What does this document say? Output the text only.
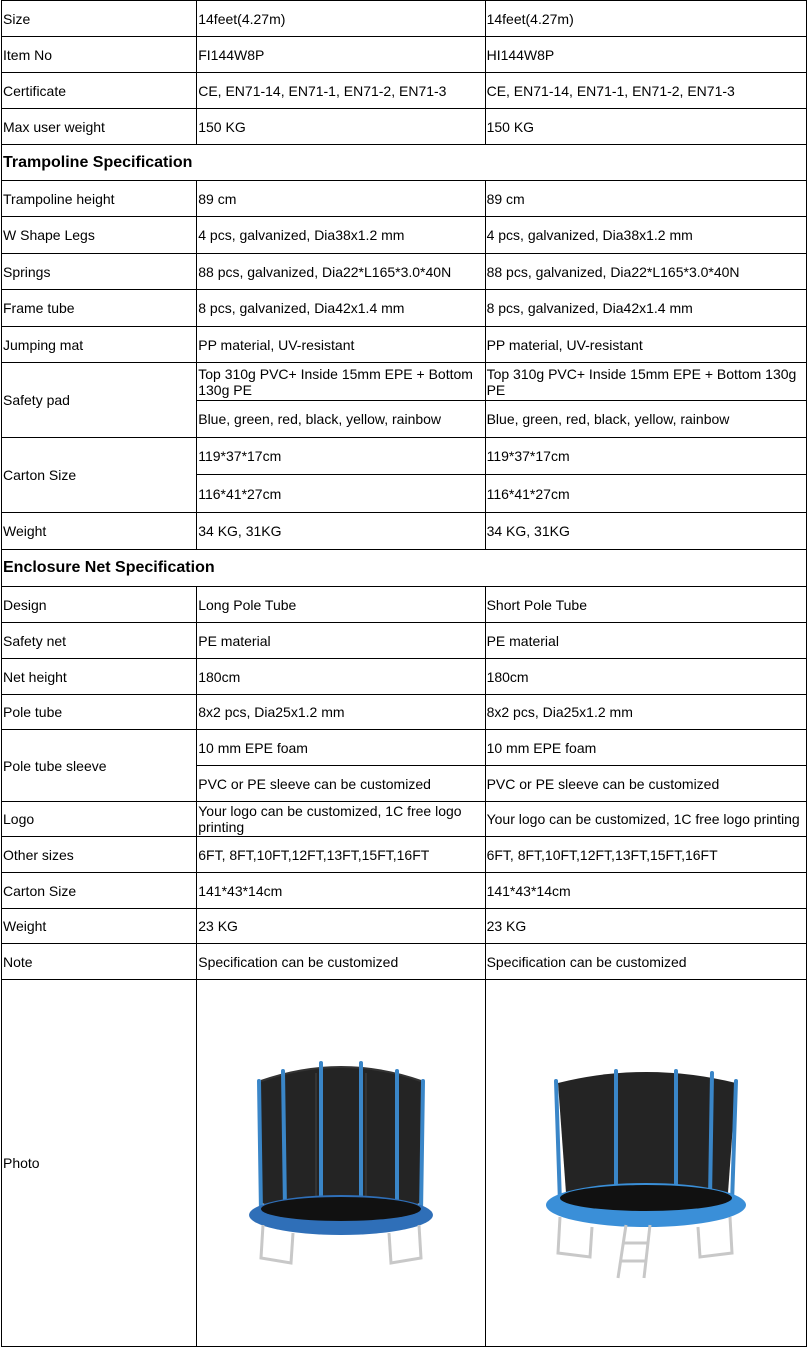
Size	14feet(4.27m)	14feet(4.27m)
Item No	FI144W8P	HI144W8P
Certificate	CE, EN71-14, EN71-1, EN71-2, EN71-3	CE, EN71-14, EN71-1, EN71-2, EN71-3
Max user weight	150 KG	150 KG
Trampoline Specification		
Trampoline height	89 cm	89 cm
W Shape Legs	4 pcs, galvanized, Dia38x1.2 mm	4 pcs, galvanized, Dia38x1.2 mm
Springs	88 pcs, galvanized, Dia22*L165*3.0*40N	88 pcs, galvanized, Dia22*L165*3.0*40N
Frame tube	8 pcs, galvanized, Dia42x1.4 mm	8 pcs, galvanized, Dia42x1.4 mm
Jumping mat	PP material, UV-resistant	PP material, UV-resistant
Safety pad	Top 310g PVC+ Inside 15mm EPE + Bottom 130g PE	Top 310g PVC+ Inside 15mm EPE + Bottom 130g PE
	Blue, green, red, black, yellow, rainbow	Blue, green, red, black, yellow, rainbow
Carton Size	119*37*17cm	119*37*17cm
	116*41*27cm	116*41*27cm
Weight	34 KG, 31KG	34 KG, 31KG
Enclosure Net Specification		
Design	Long Pole Tube	Short Pole Tube
Safety net	PE material	PE material
Net height	180cm	180cm
Pole tube	8x2 pcs, Dia25x1.2 mm	8x2 pcs, Dia25x1.2 mm
Pole tube sleeve	10 mm EPE foam	10 mm EPE foam
	PVC or PE sleeve can be customized	PVC or PE sleeve can be customized
Logo	Your logo can be customized, 1C free logo printing	Your logo can be customized, 1C free logo printing
Other sizes	6FT, 8FT,10FT,12FT,13FT,15FT,16FT	6FT, 8FT,10FT,12FT,13FT,15FT,16FT
Carton Size	141*43*14cm	141*43*14cm
Weight	23 KG	23 KG
Note	Specification can be customized	Specification can be customized
Photo	
